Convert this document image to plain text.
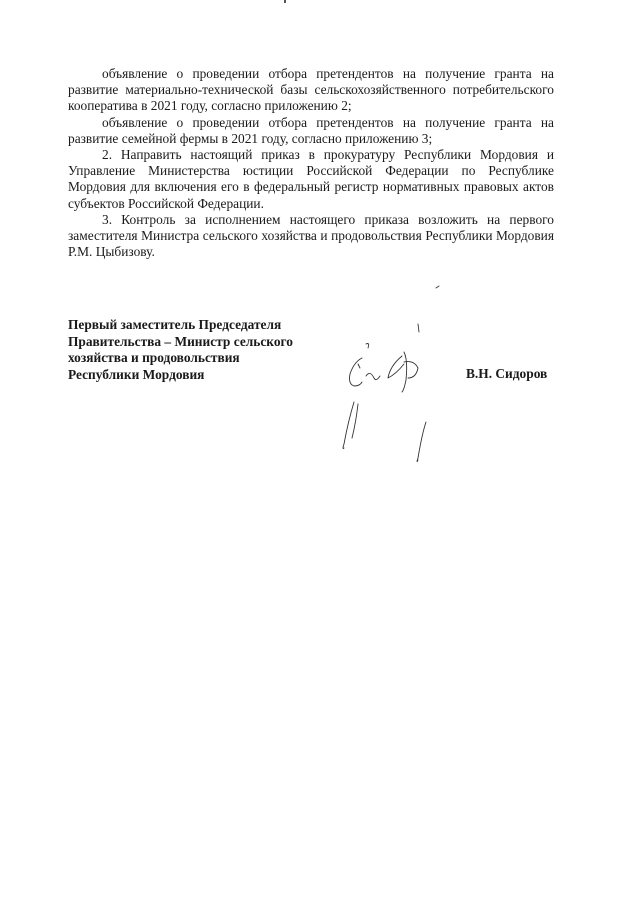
объявление о проведении отбора претендентов на получение гранта на развитие материально-технической базы сельскохозяйственного потребительского кооператива в 2021 году, согласно приложению 2;

объявление о проведении отбора претендентов на получение гранта на развитие семейной фермы в 2021 году, согласно приложению 3;

2. Направить настоящий приказ в прокуратуру Республики Мордовия и Управление Министерства юстиции Российской Федерации по Республике Мордовия для включения его в федеральный регистр нормативных правовых актов субъектов Российской Федерации.

3. Контроль за исполнением настоящего приказа возложить на первого заместителя Министра сельского хозяйства и продовольствия Республики Мордовия Р.М. Цыбизову.

Первый заместитель Председателя
Правительства – Министр сельского
хозяйства и продовольствия
Республики Мордовия	В.Н. Сидоров
